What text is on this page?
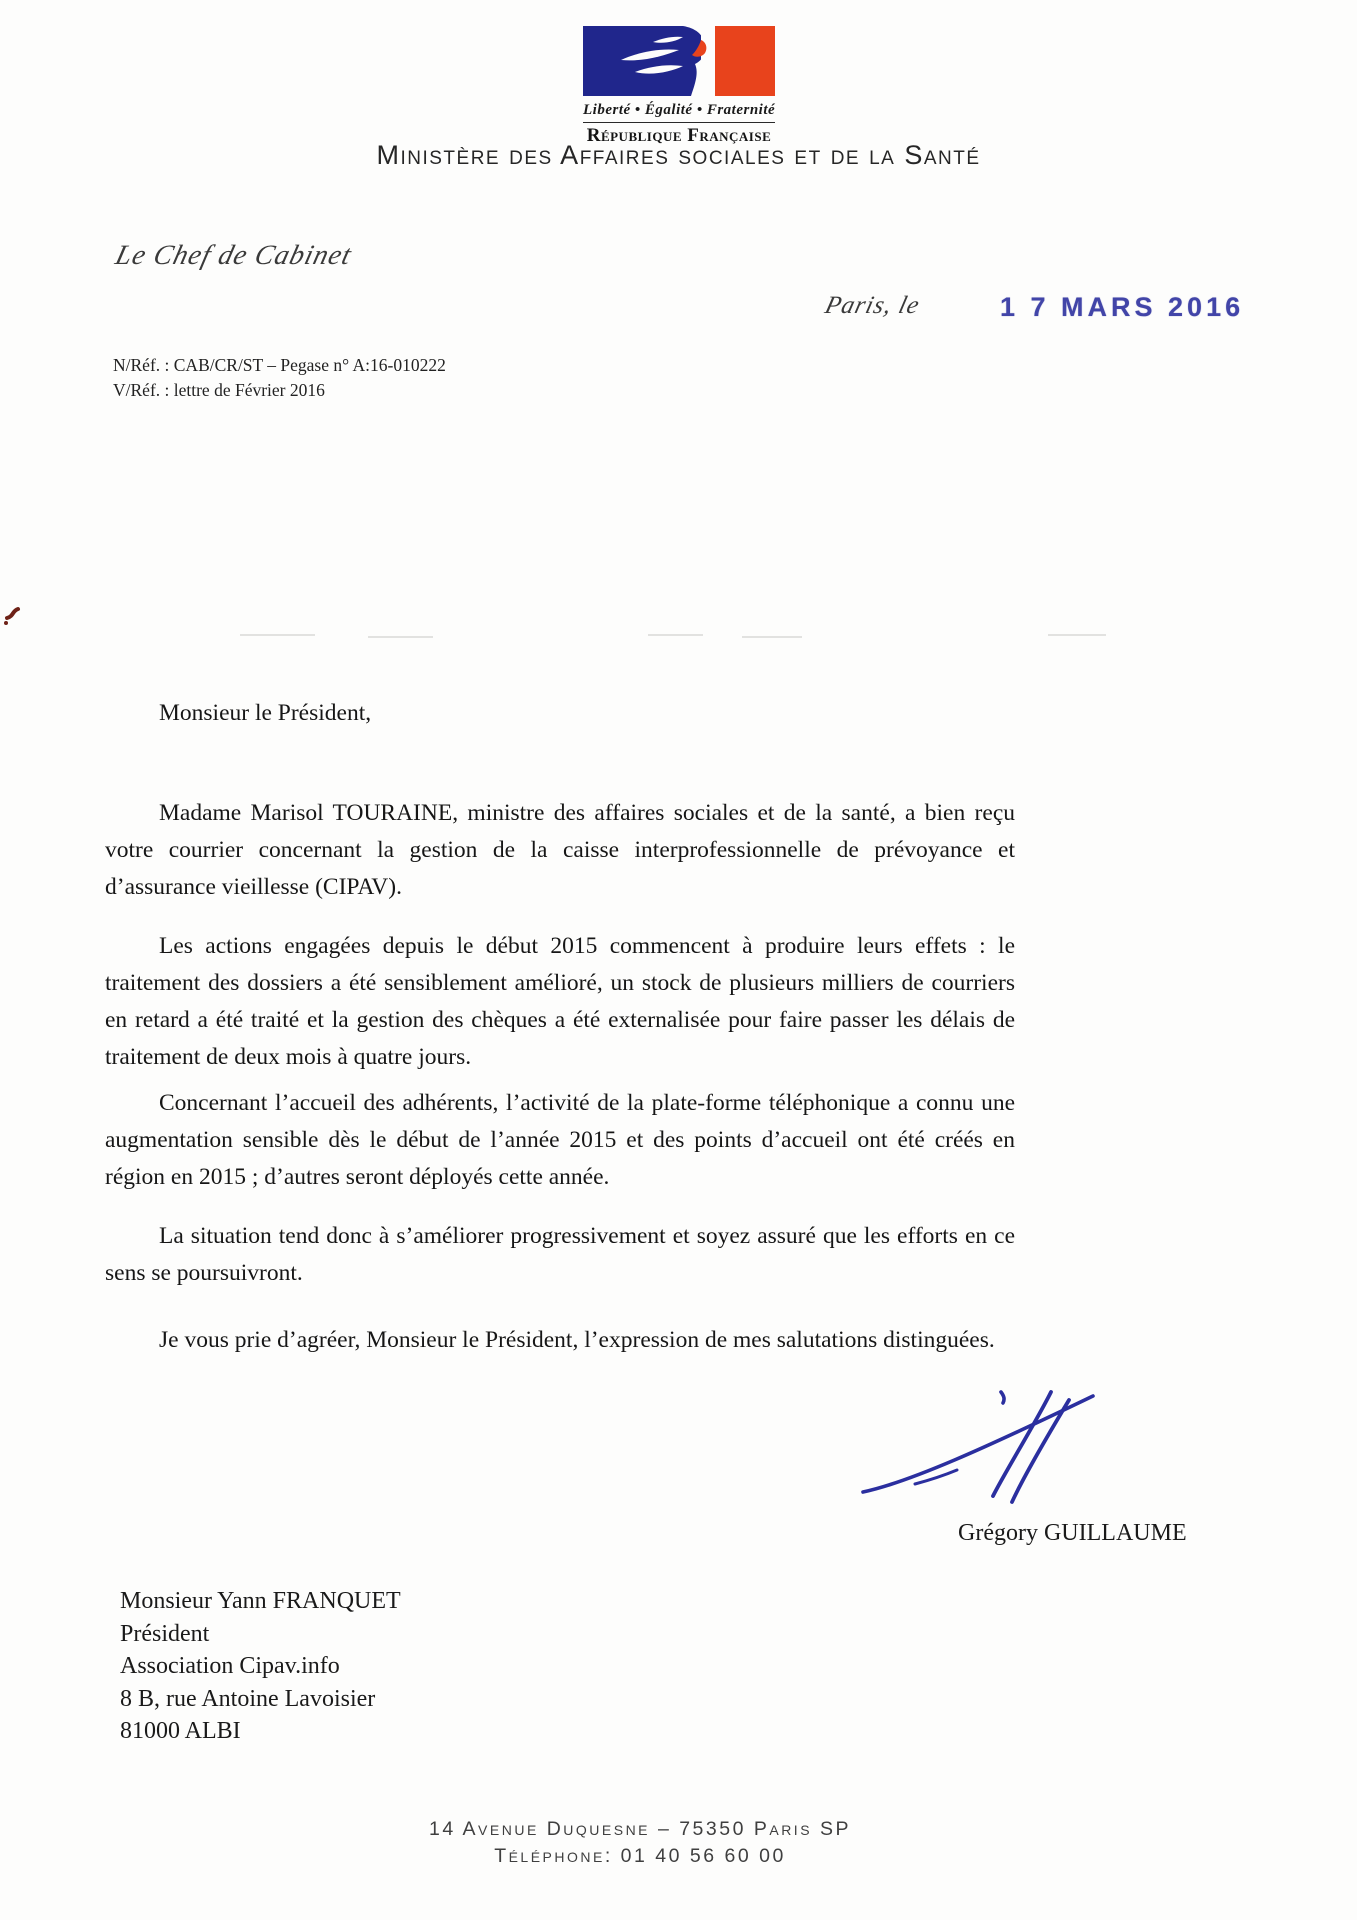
Liberté • Égalité • Fraternité
République Française
Ministère des Affaires sociales et de la Santé
Le Chef de Cabinet
Paris, le	1 7 MARS 2016
N/Réf. : CAB/CR/ST – Pegase n° A:16-010222
V/Réf. : lettre de Février 2016
Monsieur le Président,

Madame Marisol TOURAINE, ministre des affaires sociales et de la santé, a bien reçu votre courrier concernant la gestion de la caisse interprofessionnelle de prévoyance et d’assurance vieillesse (CIPAV).

Les actions engagées depuis le début 2015 commencent à produire leurs effets : le traitement des dossiers a été sensiblement amélioré, un stock de plusieurs milliers de courriers en retard a été traité et la gestion des chèques a été externalisée pour faire passer les délais de traitement de deux mois à quatre jours.

Concernant l’accueil des adhérents, l’activité de la plate-forme téléphonique a connu une augmentation sensible dès le début de l’année 2015 et des points d’accueil ont été créés en région en 2015 ; d’autres seront déployés cette année.

La situation tend donc à s’améliorer progressivement et soyez assuré que les efforts en ce sens se poursuivront.

Je vous prie d’agréer, Monsieur le Président, l’expression de mes salutations distinguées.

Grégory GUILLAUME
Monsieur Yann FRANQUET
Président
Association Cipav.info
8 B, rue Antoine Lavoisier
81000 ALBI
14 Avenue Duquesne – 75350 Paris SP
Téléphone: 01 40 56 60 00
